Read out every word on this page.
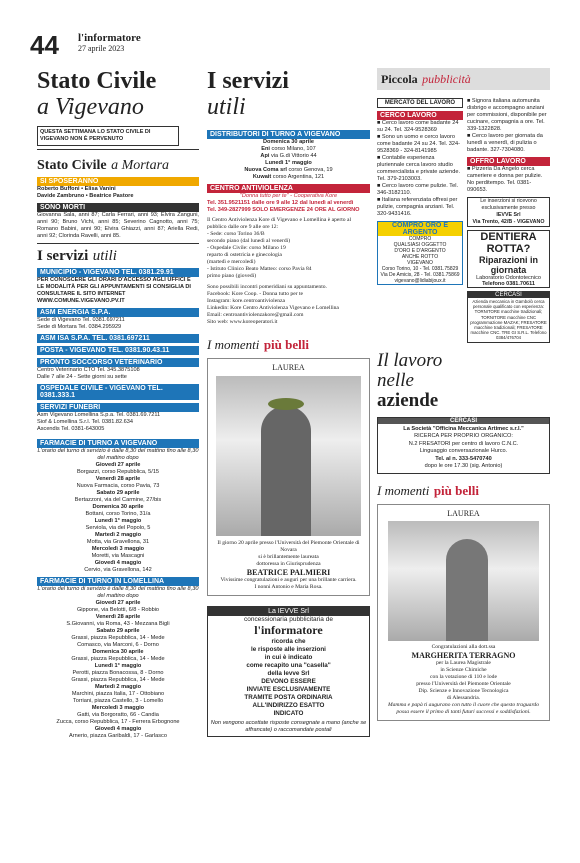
44 l'informatore
27 aprile 2023
Stato Civile
a Vigevano
QUESTA SETTIMANA LO STATO CIVILE DI VIGEVANO NON È PERVENUTO
Stato Civile a Mortara
SI SPOSERANNO
Roberto Buffoni • Elisa Vanini
Davide Zambruno • Beatrice Pastore
SONO MORTI
Giovanna Sala, anni 87; Carla Ferrari, anni 93; Elvira Zanguni, anni 90; Bruno Vichi, anni 85; Severino Cagnotto, anni 75; Romano Babini, anni 90; Elvira Ghiazzi, anni 87; Ariella Redi, anni 92; Clorinda Ravelli, anni 85.
I servizi utili
MUNICIPIO - VIGEVANO TEL. 0381.29.91
PER CONOSCERE GLI ORARI D'ACCESSO AGLI UFFICI E LE MODALITÀ PER GLI APPUNTAMENTI SI CONSIGLIA DI CONSULTARE IL SITO INTERNET WWW.COMUNE.VIGEVANO.PV.IT
ASM ENERGIA S.P.A.
Sede di Vigevano Tel. 0381.697211
Sede di Mortara Tel. 0384.295929
ASM ISA S.P.A. TEL. 0381.697211
POSTA - VIGEVANO TEL. 0381.90.43.11
PRONTO SOCCORSO VETERINARIO
Centro Veterinario CTO Tel. 345.3875108
Dalle 7 alle 24 - Sette giorni su sette
OSPEDALE CIVILE - VIGEVANO TEL. 0381.333.1
SERVIZI FUNEBRI
Asm Vigevano Lomellina S.p.a. Tel. 0381.69.7211
Siof & Lomellina S.r.l. Tel. 0381.82.634
Ascendis Tel. 0381-643005
FARMACIE DI TURNO A VIGEVANO
L'orario del turno di servizio è dalle 8,30 del mattino fino alle 8,30 del mattino dopo
Giovedì 27 aprile
Borgazzi, corso Repubblica, 5/15
Venerdì 28 aprile
Nuova Farmacia, corso Pavia, 73
Sabato 29 aprile
Bertazzoni, via del Carmine, 27/bis
Domenica 30 aprile
Bottani, corso Torino, 31/a
Lunedì 1° maggio
Serviola, via del Popolo, 5
Martedì 2 maggio
Motta, via Gravellona, 31
Mercoledì 3 maggio
Moretti, via Mascagni
Giovedì 4 maggio
Cervio, via Gravellona, 142
FARMACIE DI TURNO IN LOMELLINA
L'orario del turno di servizio è dalle 8,30 del mattino fino alle 8,30 del mattino dopo
Giovedì 27 aprile
Gippone, via Belotti, 6/8 - Robbio
Venerdì 28 aprile
S.Giovanni, via Roma, 43 - Mezzana Bigli
Sabato 29 aprile
Grassi, piazza Repubblica, 14 - Mede
Comasco, via Marconi, 6 - Dorno
Domenica 30 aprile
Grassi, piazza Repubblica, 14 - Mede
Lunedì 1° maggio
Perotti, piazza Bonacossa, 8 - Dorno
Grassi, piazza Repubblica, 14 - Mede
Martedì 2 maggio
Marchini, piazza Italia, 17 - Ottobiano
Torriani, piazza Castello, 3 - Lomello
Mercoledì 3 maggio
Gatti, via Borgoratto, 66 - Candia
Zucca, corso Repubblica, 17 - Ferrera Erbognone
Giovedì 4 maggio
Arnerio, piazza Garibaldi, 17 - Garlasco
I servizi
utili
DISTRIBUTORI DI TURNO A VIGEVANO
Domenica 30 aprile
Eni corso Milano, 107
Api via G.di Vittorio 44
Lunedì 1° maggio
Nuova Coma srl corso Genova, 19
Kuwait corso Argentina, 121
CENTRO ANTIVIOLENZA
"Donna tutto per te" - Cooperativa Kore
Tel. 351.9521151 dalle ore 9 alle 12 dal lunedì al venerdì
Tel. 349-2827999 SOLO EMERGENZE 24 ORE AL GIORNO
Il Centro Antiviolenza Kore di Vigevano e Lomellina è aperto al pubblico dalle ore 9 alle ore 12:
- Sede: corso Torino 36/B
secondo piano (dal lunedì al venerdì)
- Ospedale Civile: corso Milano 19
reparto di ostetricia e ginecologia
(martedì e mercoledì)
- Istituto Clinico Beato Matteo: corso Pavia 84
primo piano (giovedì)
Sono possibili incontri pomeridiani su appuntamento.
Facebook: Kore Coop. - Donna tutto per te
Instagram: kore.centroantiviolenza
Linkedin: Kore Centro Antiviolenza Vigevano e Lomellina
Email: centroantiviolenzakore@gmail.com
Sito web: www.koreoperatori.it
I momenti più belli
LAUREA
Il giorno 20 aprile presso l'Università del Piemonte Orientale di Novara
si è brillantemente laureata
dottoressa in Giurisprudenza
BEATRICE PALMIERI
Vivissime congratulazioni e auguri per una brillante carriera.
I nonni Antonio e Maria Rosa.
La IEVVE Srl
concessionaria pubblicitaria de
l'informatore
ricorda che
le risposte alle inserzioni
in cui è indicato
come recapito una "casella"
della Ievve Srl
DEVONO ESSERE
INVIATE ESCLUSIVAMENTE
TRAMITE POSTA ORDINARIA
ALL'INDIRIZZO ESATTO
INDICATO
Non vengono accettate risposte consegnate a mano (anche se affrancate) o raccomandate postali
Piccola pubblicità
MERCATO DEL LAVORO
CERCO LAVORO
■ Cerco lavoro come badante 24 su 24. Tel. 324-9528369
■ Sono un uomo e cerco lavoro come badante 24 su 24. Tel. 324-9528369 - 324-8141985
■ Contabile esperienza pluriennale cerca lavoro studio commercialista e private aziende. Tel. 379-2103003.
■ Cerco lavoro come pulizie. Tel. 346-3182110.
■ Italiana referenziata offresi per pulizie, compagnia anziani. Tel. 320-9431416.
COMPRO ORO E ARGENTO
COMPRO
QUALSIASI OGGETTO
D'ORO E D'ARGENTO
ANCHE ROTTO
VIGEVANO
Corso Torino, 10 - Tel. 0381.75829
Via De Amicis, 28 - Tel. 0381.75869
vigevano@lidiabijoux.it
■ Signora italiana automunita disbrigo e accompagno anziani per commissioni, disponibile per cucinare, compagnia a ore. Tel. 339-1322828.
■ Cerco lavoro per giornata da lunedì a venerdì, di pulizia o badante. 327-7304080.
OFFRO LAVORO
■ Pizzeria Da Angelo cerca cameriere e donna per pulizie. No perditempo. Tel. 0381-090653.
Le inserzioni si ricevono
esclusivamente presso
IEVVE Srl
Via Trento, 42/B - VIGEVANO
DENTIERA ROTTA?
Riparazioni in giornata
Laboratorio Odontotecnico
Telefono 0381.70611
CERCASI
Azienda meccanica in Gambolò cerca personale qualificato con esperienza: TORNITORE macchine tradizionali; TORNITORE macchine CNC programmazione MAZAK; FRESATORE macchine tradizionali; FRESATORE macchine CNC. TRE GI S.R.L. Telefono 0384/476704
Il lavoro
nelle
aziende
CERCASI
La Società "Officina Meccanica Artimec s.r.l."
RICERCA PER PROPRIO ORGANICO:
N.2 FRESATORI per centro di lavoro C.N.C.
Linguaggio conversazionale Hurco.
Tel. al n. 333-5470740
dopo le ore 17.30 (sig. Antonio)
I momenti più belli
LAUREA
Congratulazioni alla dott.ssa
MARGHERITA TERRAGNO
per la Laurea Magistrale
in Scienze Chimiche
con la votazione di 110 e lode
presso l'Università del Piemonte Orientale
Dip. Scienze e Innovazione Tecnologica
di Alessandria.
Mamma e papà ti augurano con tutto il cuore che questo traguardo possa essere il primo di tanti futuri successi e soddisfazioni.
